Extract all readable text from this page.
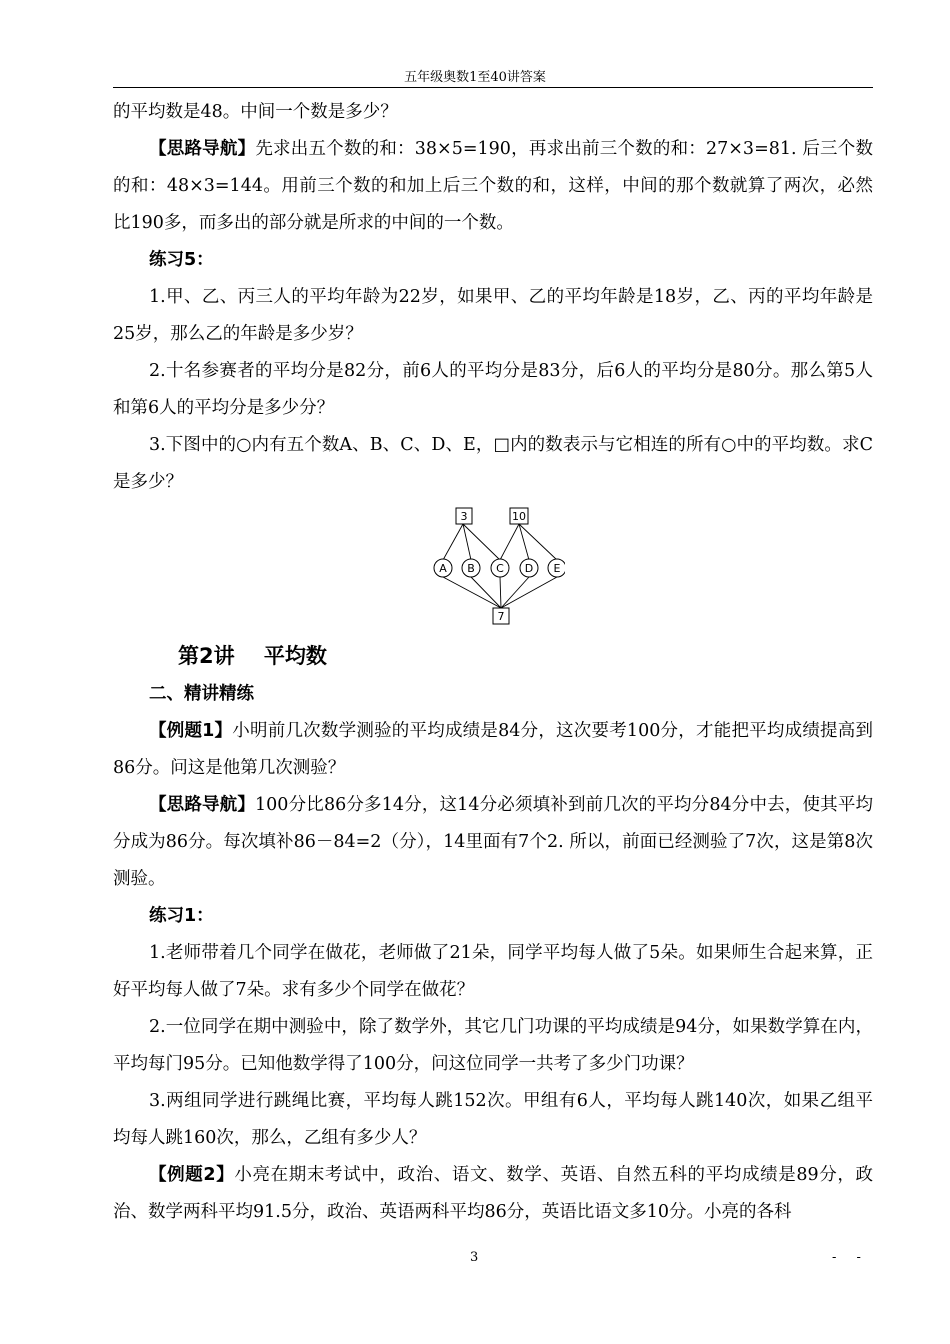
五年级奥数1至40讲答案

的平均数是48。中间一个数是多少？

【思路导航】先求出五个数的和：38×5=190，再求出前三个数的和：27×3=81. 后三个数的和：48×3=144。用前三个数的和加上后三个数的和，这样，中间的那个数就算了两次，必然比190多，而多出的部分就是所求的中间的一个数。

练习5：

1.甲、乙、丙三人的平均年龄为22岁，如果甲、乙的平均年龄是18岁，乙、丙的平均年龄是25岁，那么乙的年龄是多少岁？

2.十名参赛者的平均分是82分，前6人的平均分是83分，后6人的平均分是80分。那么第5人和第6人的平均分是多少分？

3.下图中的○内有五个数A、B、C、D、E，□内的数表示与它相连的所有○中的平均数。求C是多少？

3	10
7
A B C D E
第2讲    平均数

二、精讲精练

【例题1】小明前几次数学测验的平均成绩是84分，这次要考100分，才能把平均成绩提高到86分。问这是他第几次测验？

【思路导航】100分比86分多14分，这14分必须填补到前几次的平均分84分中去，使其平均分成为86分。每次填补86－84=2（分），14里面有7个2. 所以，前面已经测验了7次，这是第8次测验。

练习1：

1.老师带着几个同学在做花，老师做了21朵，同学平均每人做了5朵。如果师生合起来算，正好平均每人做了7朵。求有多少个同学在做花？

2.一位同学在期中测验中，除了数学外，其它几门功课的平均成绩是94分，如果数学算在内，平均每门95分。已知他数学得了100分，问这位同学一共考了多少门功课？

3.两组同学进行跳绳比赛，平均每人跳152次。甲组有6人，平均每人跳140次，如果乙组平均每人跳160次，那么，乙组有多少人？

【例题2】小亮在期末考试中，政治、语文、数学、英语、自然五科的平均成绩是89分，政治、数学两科平均91.5分，政治、英语两科平均86分，英语比语文多10分。小亮的各科

3	- -
